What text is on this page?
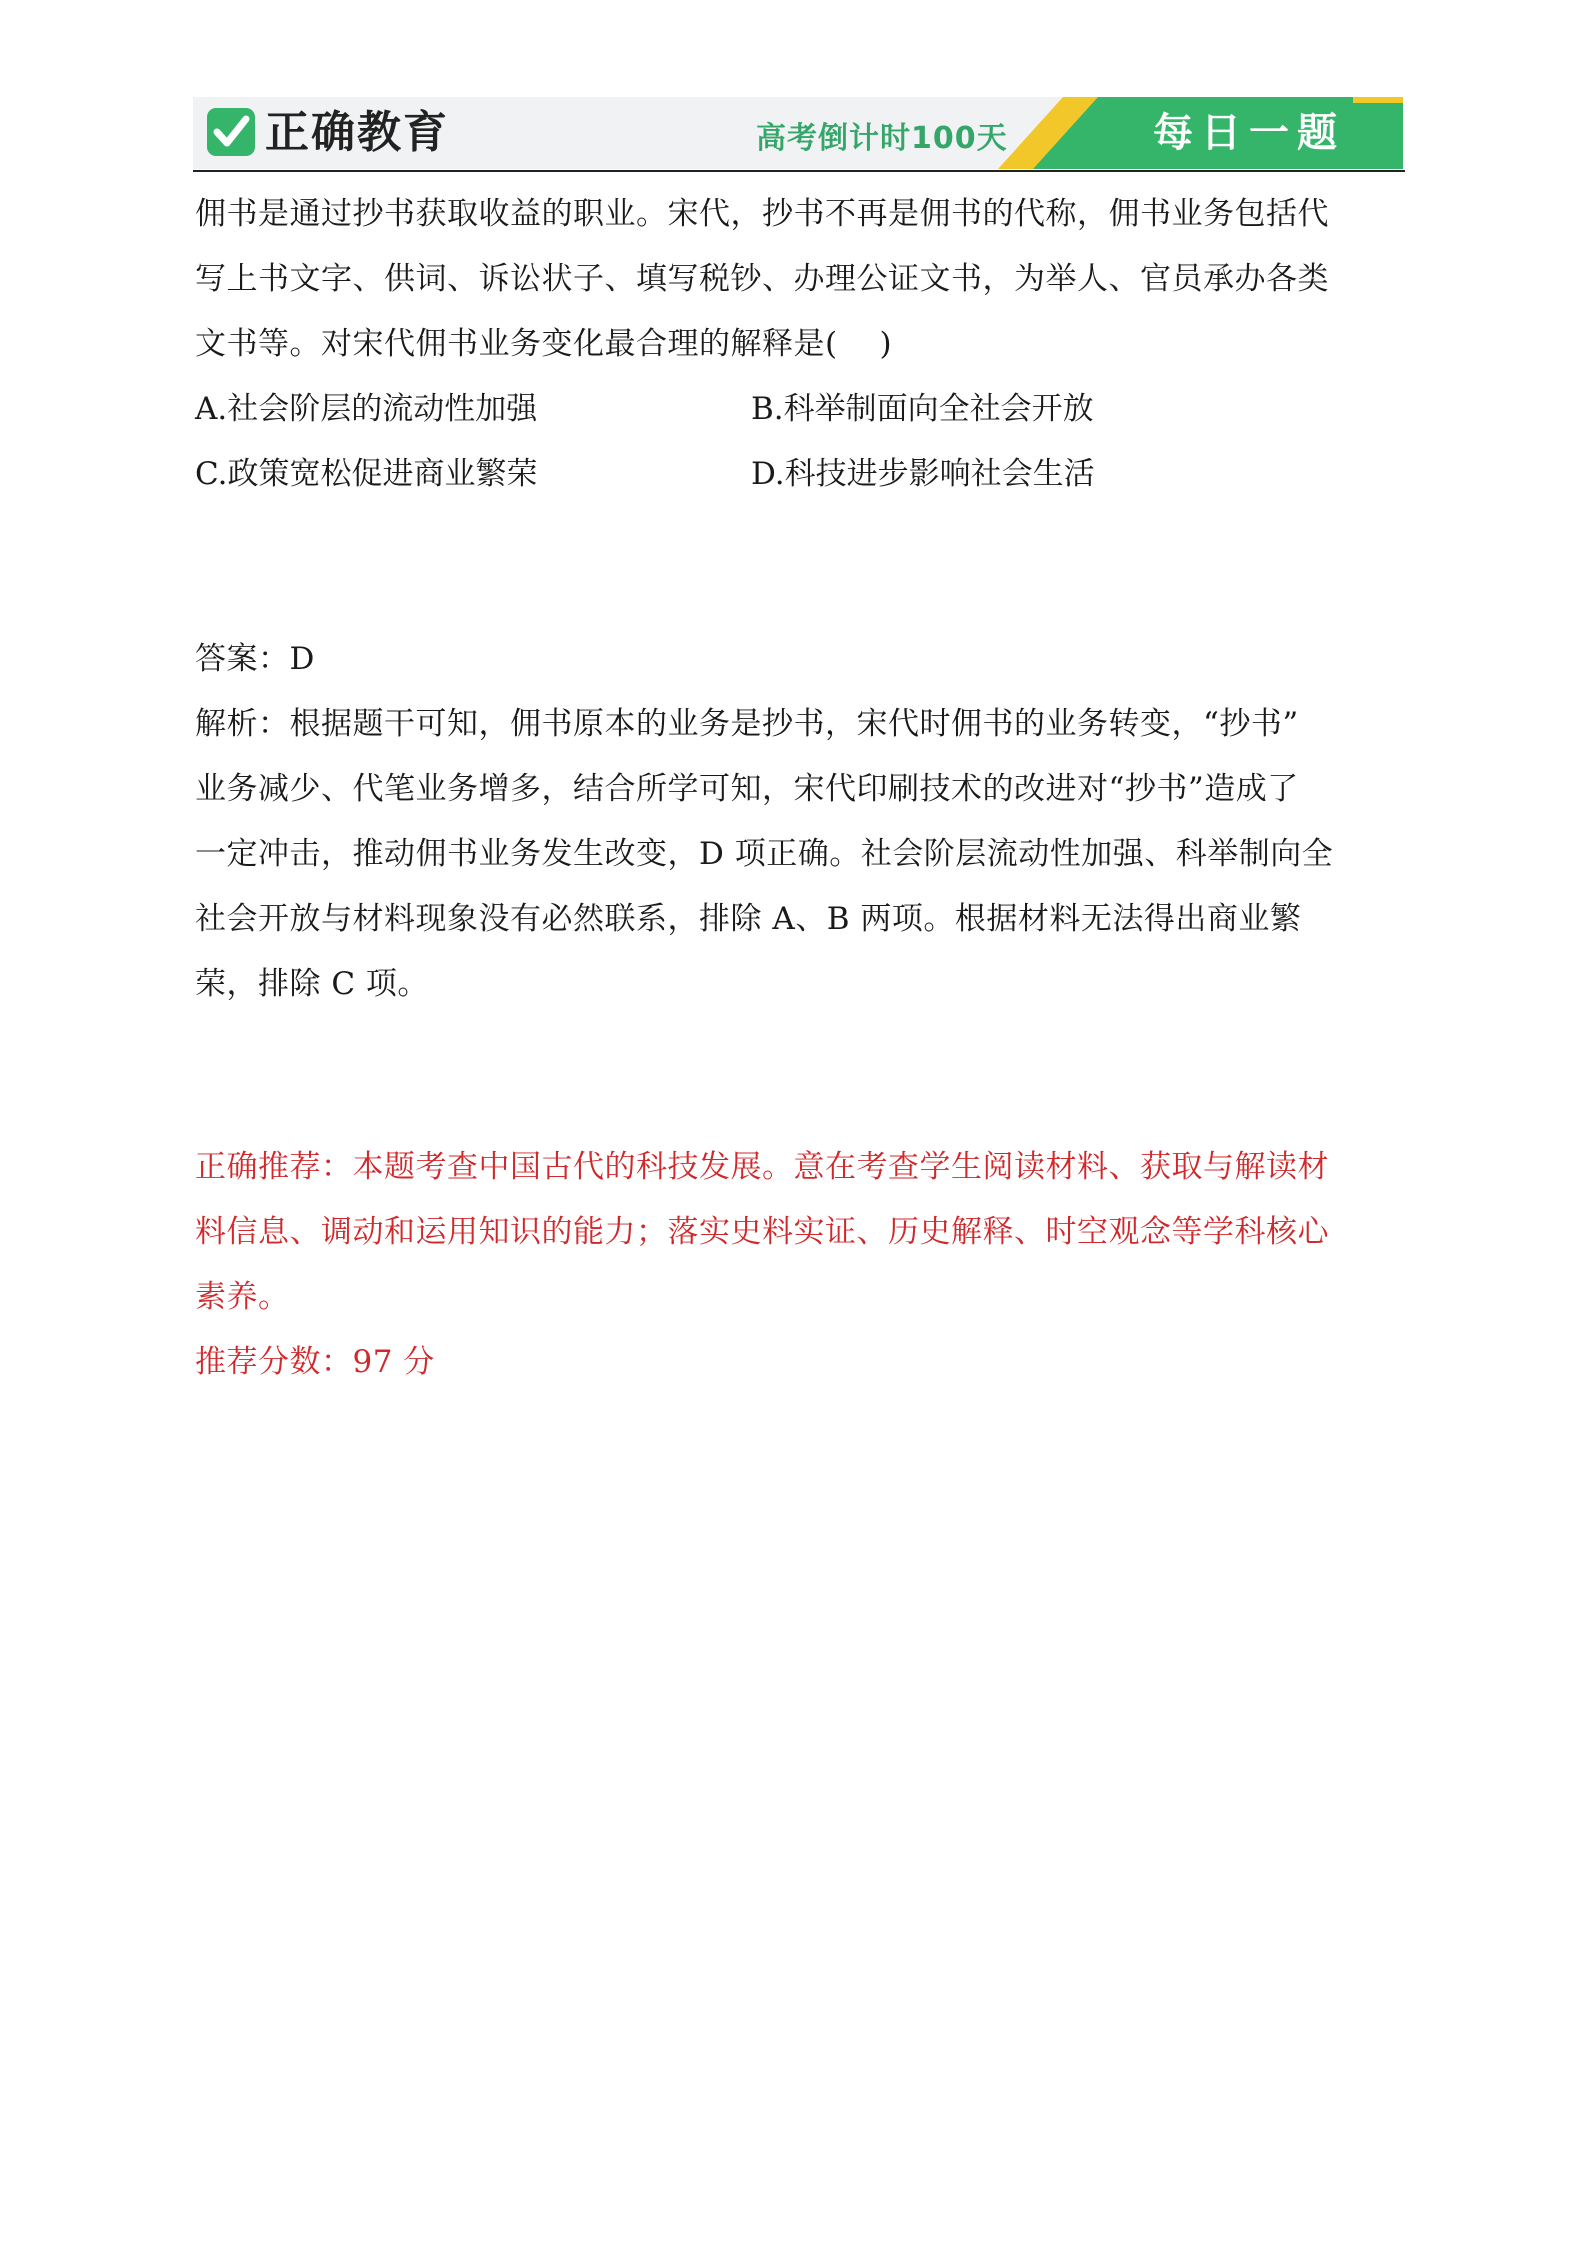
正确教育	高考倒计时100天	每日一题
佣书是通过抄书获取收益的职业。宋代，抄书不再是佣书的代称，佣书业务包括代
写上书文字、供词、诉讼状子、填写税钞、办理公证文书，为举人、官员承办各类
文书等。对宋代佣书业务变化最合理的解释是(　 )
A.社会阶层的流动性加强	B.科举制面向全社会开放
C.政策宽松促进商业繁荣	D.科技进步影响社会生活
答案：D
解析：根据题干可知，佣书原本的业务是抄书，宋代时佣书的业务转变，“抄书”
业务减少、代笔业务增多，结合所学可知，宋代印刷技术的改进对“抄书”造成了
一定冲击，推动佣书业务发生改变，D 项正确。社会阶层流动性加强、科举制向全
社会开放与材料现象没有必然联系，排除 A、B 两项。根据材料无法得出商业繁
荣，排除 C 项。
正确推荐：本题考查中国古代的科技发展。意在考查学生阅读材料、获取与解读材
料信息、调动和运用知识的能力；落实史料实证、历史解释、时空观念等学科核心
素养。
推荐分数：97 分
